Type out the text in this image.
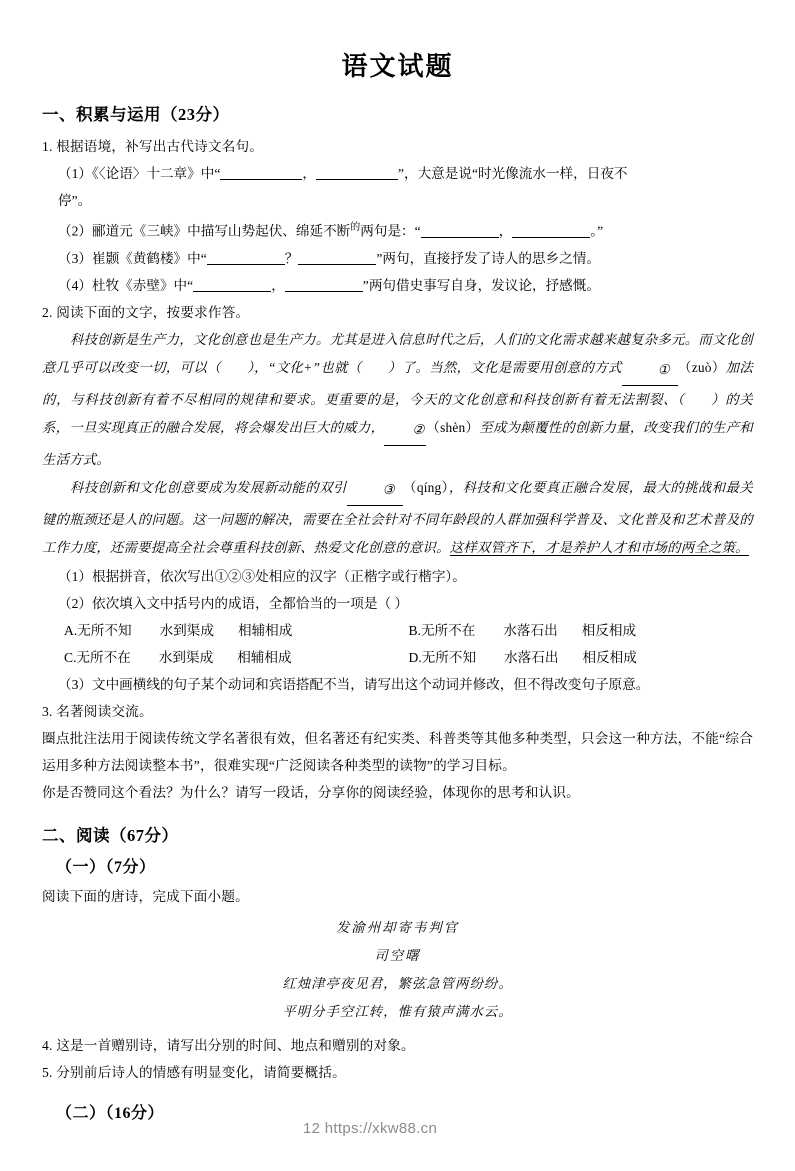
语文试题
一、积累与运用（23分）
1. 根据语境，补写出古代诗文名句。
（1）《〈论语〉十二章》中“	，	”，大意是说“时光像流水一样，日夜不
停”。
（2）郦道元《三峡》中描写山势起伏、绵延不断$^的$两句是：“	，	。”
（3）崔颢《黄鹤楼》中“	？	”两句，直接抒发了诗人的思乡之情。
（4）杜牧《赤壁》中“	，	”两句借史事写自身，发议论，抒感慨。
2. 阅读下面的文字，按要求作答。
科技创新是生产力，文化创意也是生产力。尤其是进入信息时代之后，人们的文化需求越来越复杂多元。而文化创意几乎可以改变一切，可以（ ），“文化+”也就（ ）了。当然，文化是需要用创意的方式	① （zuò）加法的，与科技创新有着不尽相同的规律和要求。更重要的是，今天的文化创意和科技创新有着无法割裂、（ ）的关系，一旦实现真正的融合发展，将会爆发出巨大的威力， ② （shèn）至成为颠覆性的创新力量，改变我们的生产和生活方式。
科技创新和文化创意要成为发展新动能的双引	③ （qíng），科技和文化要真正融合发展，最大的挑战和最关键的瓶颈还是人的问题。这一问题的解决，需要在全社会针对不同年龄段的人群加强科学普及、文化普及和艺术普及的工作力度，还需要提高全社会尊重科技创新、热爱文化创意的意识。这样双管齐下，才是养护人才和市场的两全之策。
（1）根据拼音，依次写出①②③处相应的汉字（正楷字或行楷字）。
（2）依次填入文中括号内的成语，全都恰当的一项是（ ）
A.无所不知 水到渠成 相辅相成	B.无所不在 水落石出 相反相成
C.无所不在 水到渠成 相辅相成	D.无所不知 水落石出 相反相成
（3）文中画横线的句子某个动词和宾语搭配不当，请写出这个动词并修改，但不得改变句子原意。
3. 名著阅读交流。
圈点批注法用于阅读传统文学名著很有效，但名著还有纪实类、科普类等其他多种类型，只会这一种方法，不能“综合运用多种方法阅读整本书”，很难实现“广泛阅读各种类型的读物”的学习目标。
你是否赞同这个看法？为什么？请写一段话，分享你的阅读经验，体现你的思考和认识。
二、阅读（67分）
（一）（7分）
阅读下面的唐诗，完成下面小题。
发渝州却寄韦判官
司空曙
红烛津亭夜见君，繁弦急管两纷纷。
平明分手空江转，惟有猿声满水云。
4. 这是一首赠别诗，请写出分别的时间、地点和赠别的对象。
5. 分别前后诗人的情感有明显变化，请简要概括。
（二）（16分）
12 https://xkw88.cn
